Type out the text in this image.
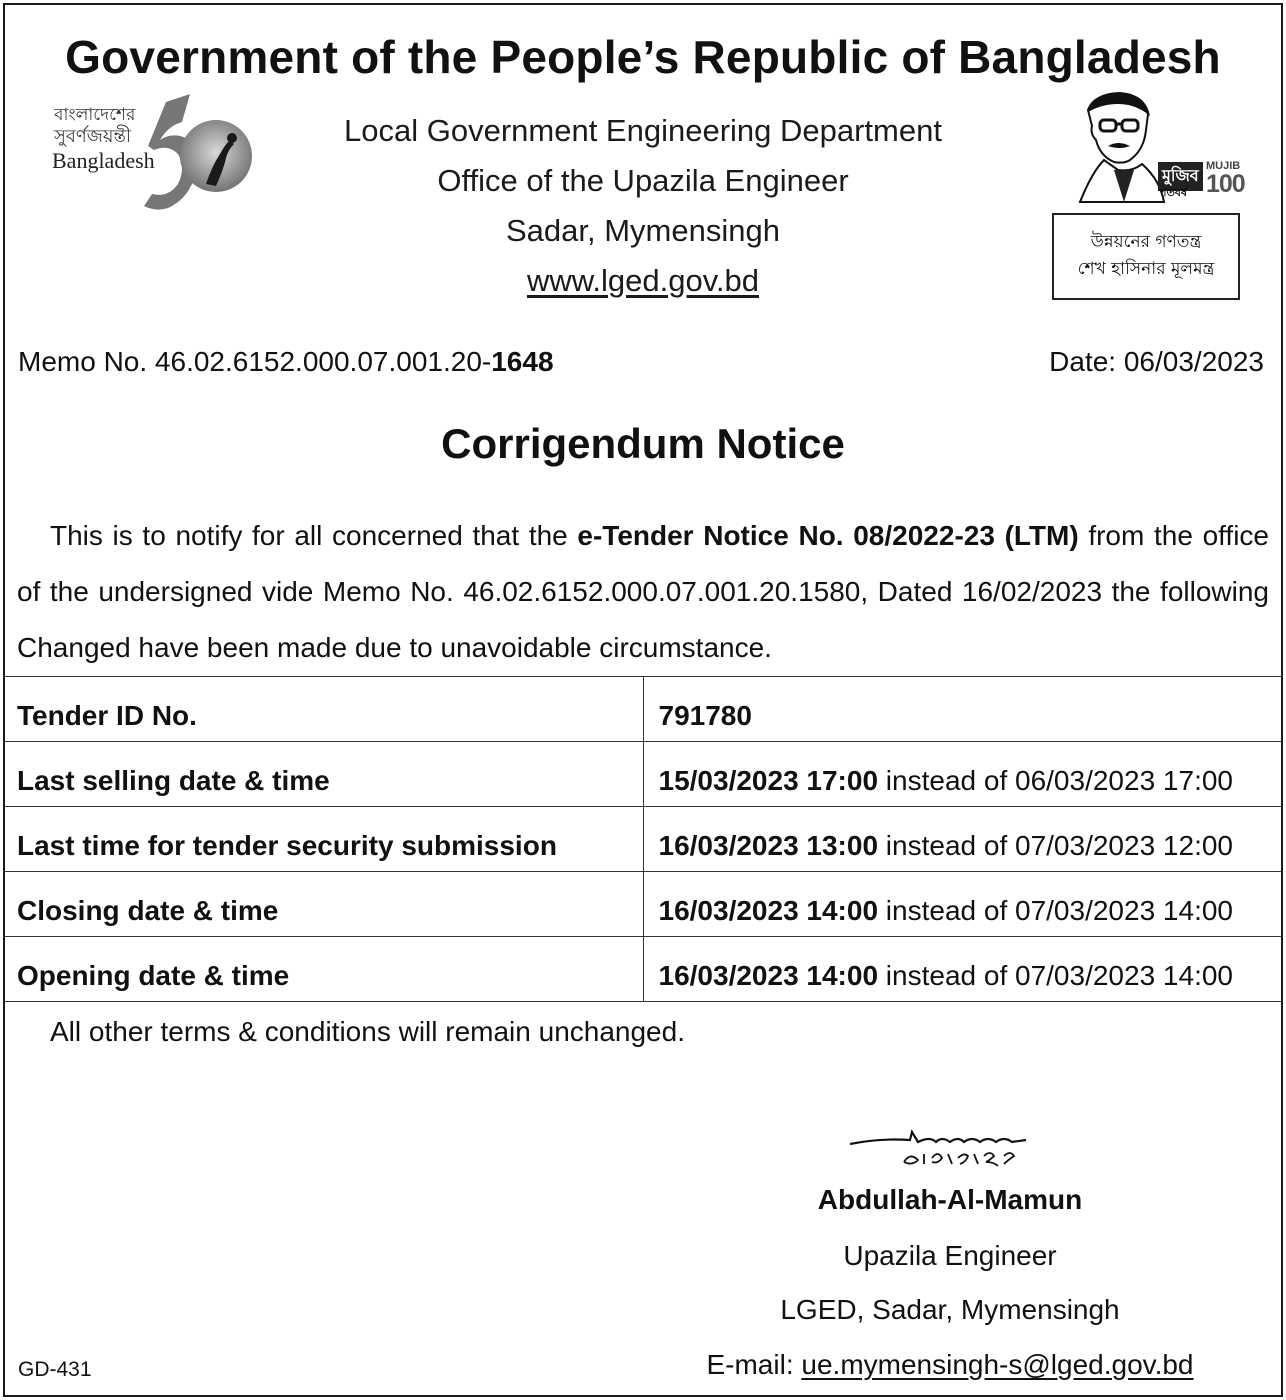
Government of the People’s Republic of Bangladesh
বাংলাদেশের
সুবর্ণজয়ন্তী
Bangladesh
Local Government Engineering Department
Office of the Upazila Engineer
Sadar, Mymensingh
www.lged.gov.bd
মুজিব
MUJIB
100
শতবর্ষ
উন্নয়নের গণতন্ত্র
শেখ হাসিনার মূলমন্ত্র
Memo No. 46.02.6152.000.07.001.20-1648	Date: 06/03/2023
Corrigendum Notice
This is to notify for all concerned that the e-Tender Notice No. 08/2022-23 (LTM) from the office of the undersigned vide Memo No. 46.02.6152.000.07.001.20.1580, Dated 16/02/2023 the following Changed have been made due to unavoidable circumstance.
Tender ID No.	791780
Last selling date & time	15/03/2023 17:00 instead of 06/03/2023 17:00
Last time for tender security submission	16/03/2023 13:00 instead of 07/03/2023 12:00
Closing date & time	16/03/2023 14:00 instead of 07/03/2023 14:00
Opening date & time	16/03/2023 14:00 instead of 07/03/2023 14:00
All other terms & conditions will remain unchanged.
Abdullah-Al-Mamun
Upazila Engineer
LGED, Sadar, Mymensingh
E-mail: ue.mymensingh-s@lged.gov.bd
GD-431
